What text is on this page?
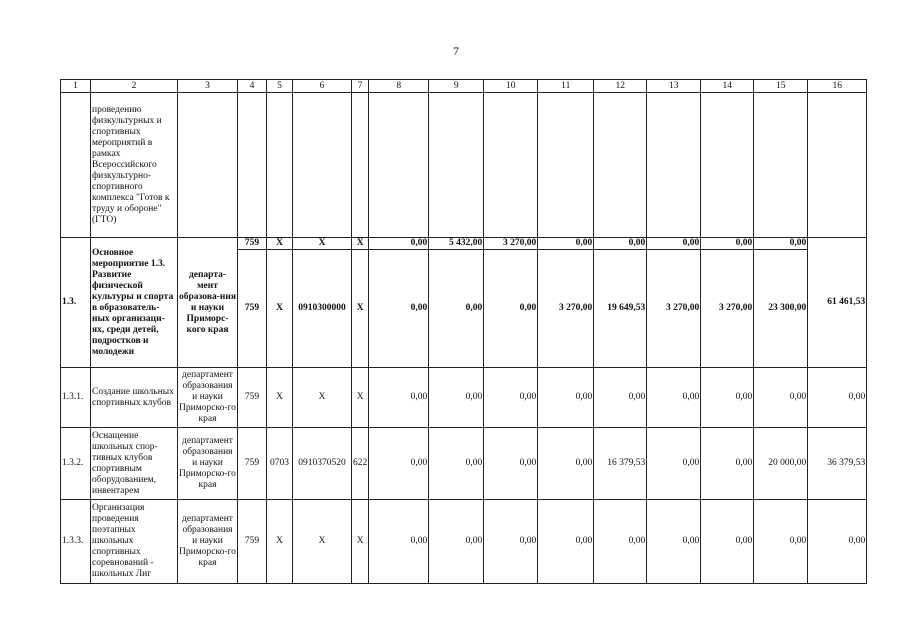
7
1	2	3	4	5	6	7	8	9	10	11	12	13	14	15	16
	проведению физкультурных и спортивных мероприятий в рамках Всероссийского физкультурно-спортивного комплекса "Готов к труду и обороне" (ГТО)														
1.3.	Основное мероприятие 1.3. Развитие физической культуры и спорта в образователь-ных организаци-ях, среди детей, подростков и молодежи	департа-мент образова-ния и науки Приморс-кого края	759	X	X	X	0,00	5 432,00	3 270,00	0,00	0,00	0,00	0,00	0,00	61 461,53
			759	X	0910300000	X	0,00	0,00	0,00	3 270,00	19 649,53	3 270,00	3 270,00	23 300,00	
1.3.1.	Создание школьных спортивных клубов	департамент образования и науки Приморско-го края	759	X	X	X	0,00	0,00	0,00	0,00	0,00	0,00	0,00	0,00	0,00
1.3.2.	Оснащение школьных спор-тивных клубов спортивным оборудованием, инвентарем	департамент образования и науки Приморско-го края	759	0703	0910370520	622	0,00	0,00	0,00	0,00	16 379,53	0,00	0,00	20 000,00	36 379,53
1.3.3.	Организация проведения поэтапных школьных спортивных соревнований - школьных Лиг	департамент образования и науки Приморско-го края	759	X	X	X	0,00	0,00	0,00	0,00	0,00	0,00	0,00	0,00	0,00
